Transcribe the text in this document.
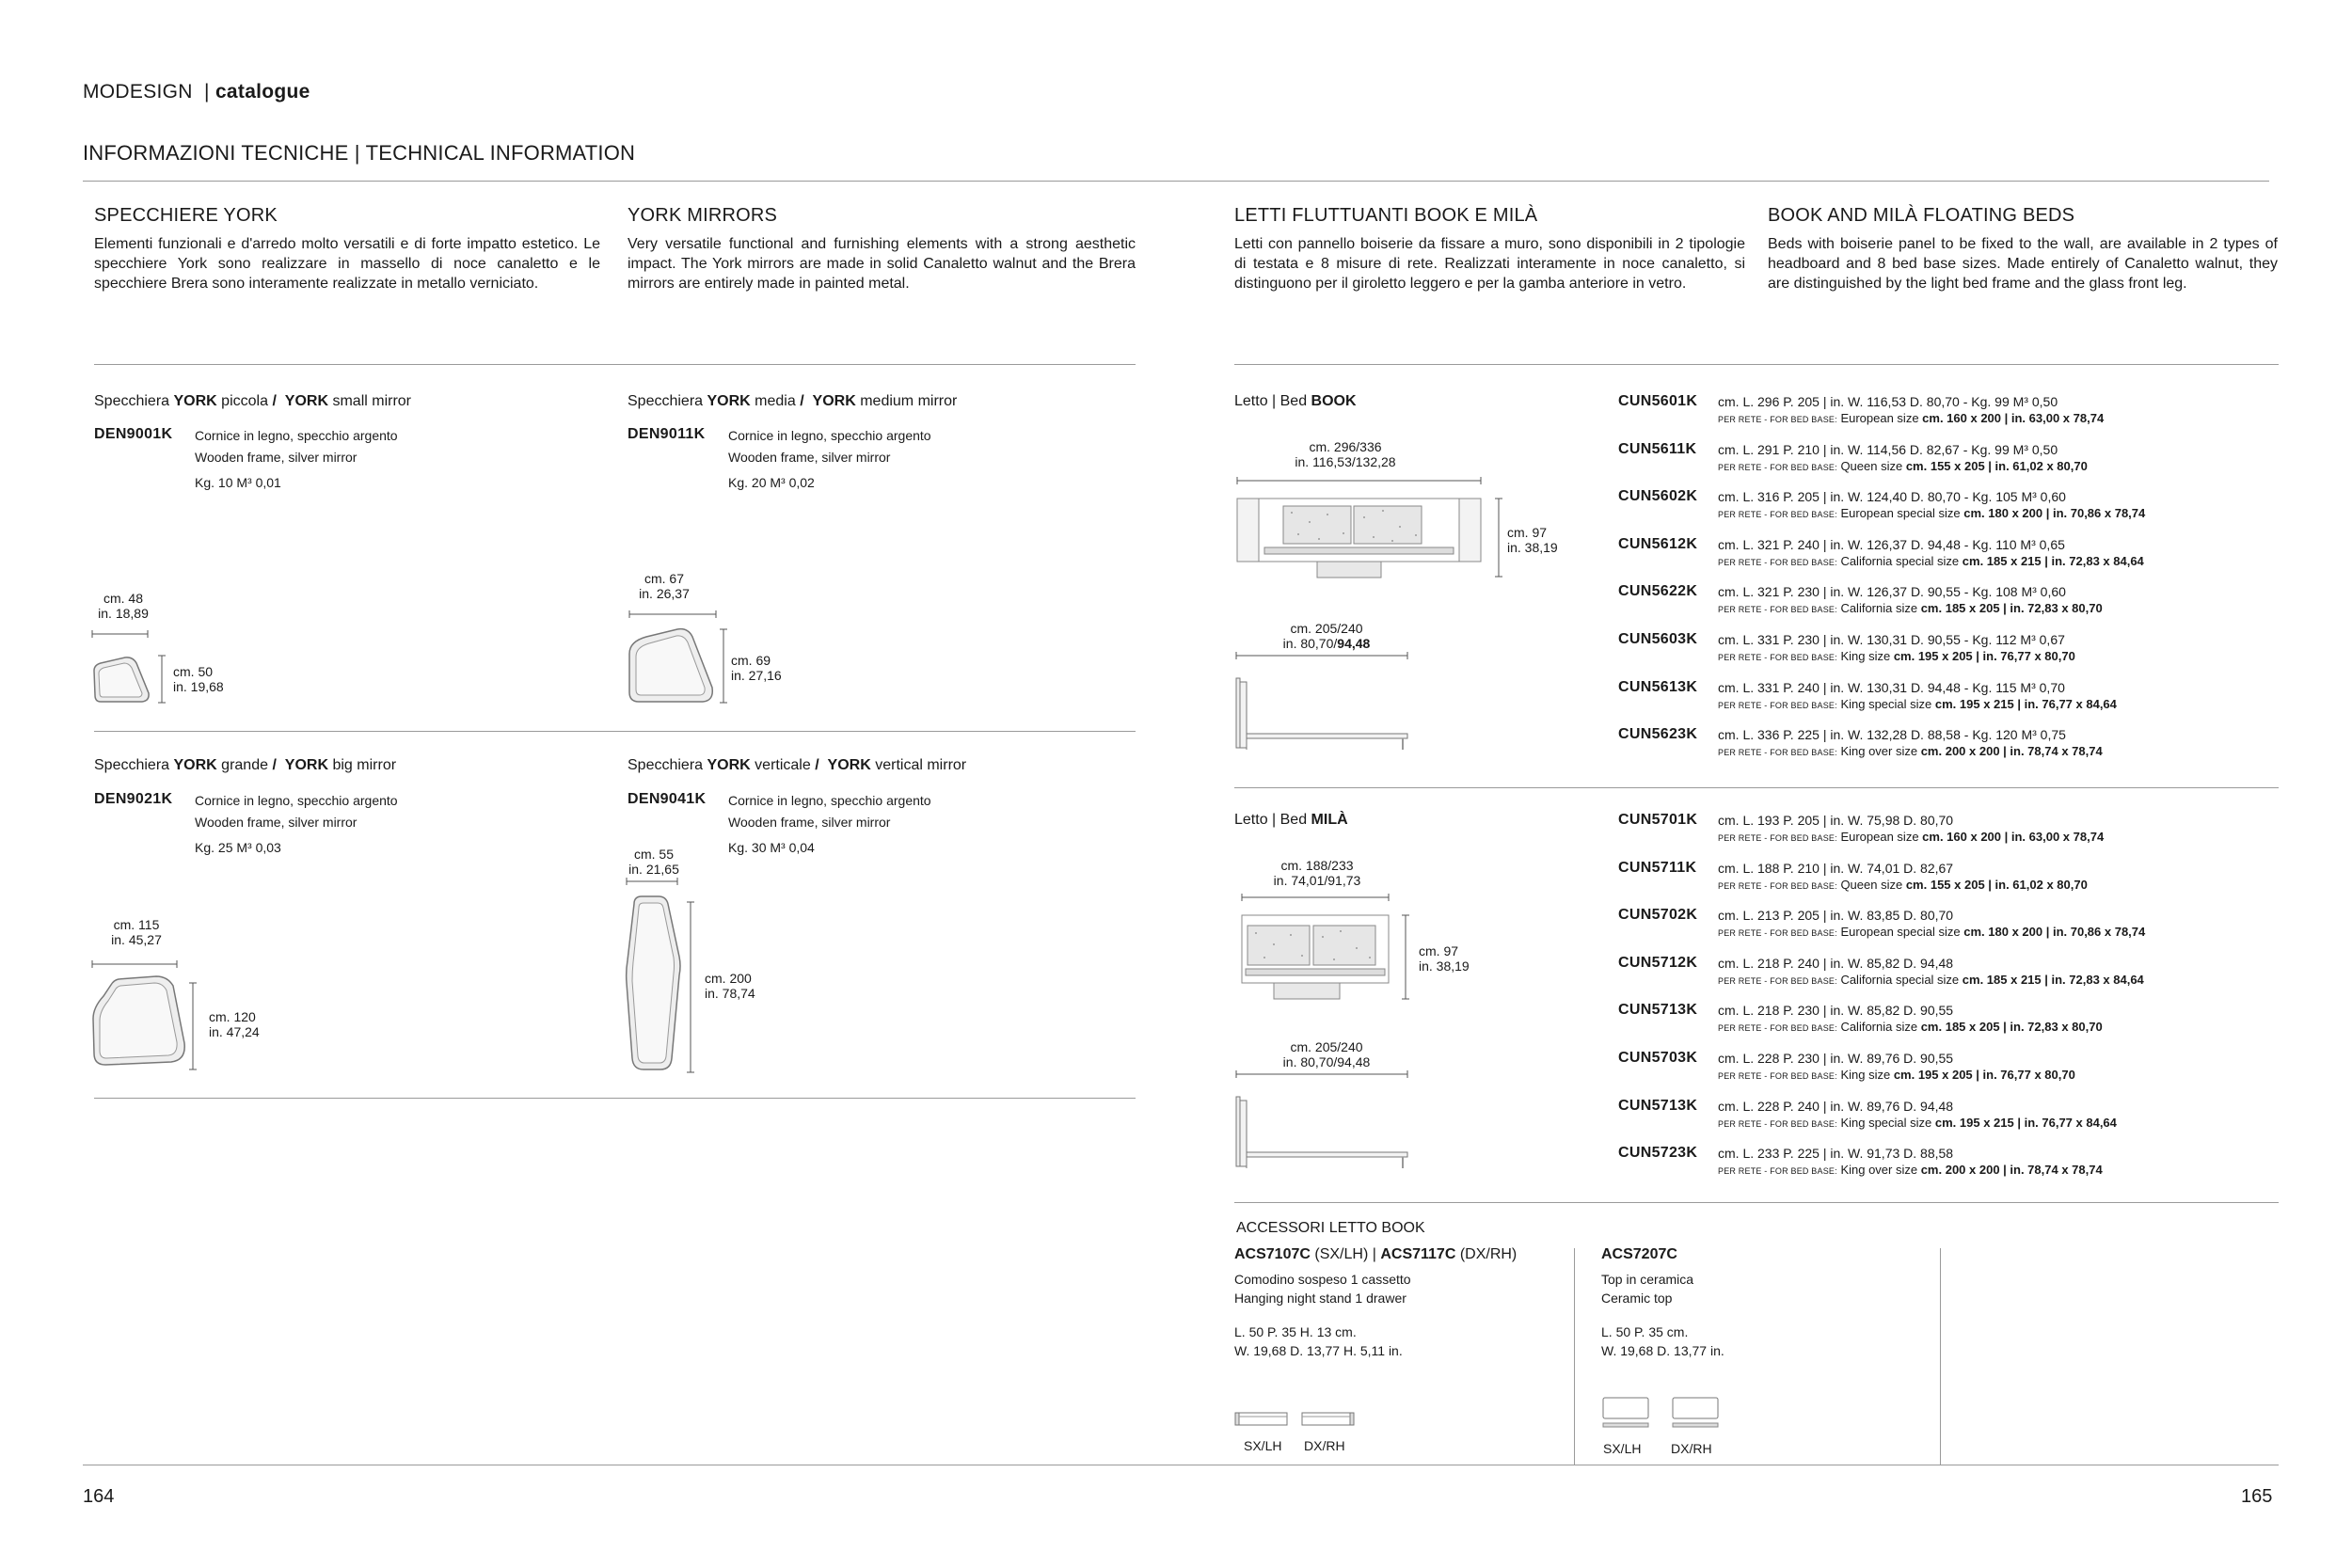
MODESIGN | catalogue
INFORMAZIONI TECNICHE | TECHNICAL INFORMATION
SPECCHIERE YORK
Elementi funzionali e d'arredo molto versatili e di forte impatto estetico. Le specchiere York sono realizzare in massello di noce canaletto e le specchiere Brera sono interamente realizzate in metallo verniciato.
YORK MIRRORS
Very versatile functional and furnishing elements with a strong aesthetic impact. The York mirrors are made in solid Canaletto walnut and the Brera mirrors are entirely made in painted metal.
LETTI FLUTTUANTI BOOK E MILÀ
Letti con pannello boiserie da fissare a muro, sono disponibili in 2 tipologie di testata e 8 misure di rete. Realizzati interamente in noce canaletto, si distinguono per il giroletto leggero e per la gamba anteriore in vetro.
BOOK AND MILÀ FLOATING BEDS
Beds with boiserie panel to be fixed to the wall, are available in 2 types of headboard and 8 bed base sizes. Made entirely of Canaletto walnut, they are distinguished by the light bed frame and the glass front leg.
Specchiera YORK piccola / YORK small mirror
DEN9001K Cornice in legno, specchio argento
Wooden frame, silver mirror
Kg. 10 M³ 0,01
cm. 48
in. 18,89
cm. 50
in. 19,68
Specchiera YORK media / YORK medium mirror
DEN9011K Cornice in legno, specchio argento
Wooden frame, silver mirror
Kg. 20 M³ 0,02
cm. 67
in. 26,37
cm. 69
in. 27,16
Specchiera YORK grande / YORK big mirror
DEN9021K Cornice in legno, specchio argento
Wooden frame, silver mirror
Kg. 25 M³ 0,03
cm. 115
in. 45,27
cm. 120
in. 47,24
Specchiera YORK verticale / YORK vertical mirror
DEN9041K Cornice in legno, specchio argento
Wooden frame, silver mirror
Kg. 30 M³ 0,04
cm. 55
in. 21,65
cm. 200
in. 78,74
Letto | Bed BOOK
cm. 296/336
in. 116,53/132,28
cm. 97
in. 38,19
cm. 205/240
in. 80,70/94,48
CUN5601K cm. L. 296 P. 205 | in. W. 116,53 D. 80,70 - Kg. 99 M³ 0,50
PER RETE - FOR BED BASE: European size cm. 160 x 200 | in. 63,00 x 78,74
CUN5611K cm. L. 291 P. 210 | in. W. 114,56 D. 82,67 - Kg. 99 M³ 0,50
PER RETE - FOR BED BASE: Queen size cm. 155 x 205 | in. 61,02 x 80,70
CUN5602K cm. L. 316 P. 205 | in. W. 124,40 D. 80,70 - Kg. 105 M³ 0,60
PER RETE - FOR BED BASE: European special size cm. 180 x 200 | in. 70,86 x 78,74
CUN5612K cm. L. 321 P. 240 | in. W. 126,37 D. 94,48 - Kg. 110 M³ 0,65
PER RETE - FOR BED BASE: California special size cm. 185 x 215 | in. 72,83 x 84,64
CUN5622K cm. L. 321 P. 230 | in. W. 126,37 D. 90,55 - Kg. 108 M³ 0,60
PER RETE - FOR BED BASE: California size cm. 185 x 205 | in. 72,83 x 80,70
CUN5603K cm. L. 331 P. 230 | in. W. 130,31 D. 90,55 - Kg. 112 M³ 0,67
PER RETE - FOR BED BASE: King size cm. 195 x 205 | in. 76,77 x 80,70
CUN5613K cm. L. 331 P. 240 | in. W. 130,31 D. 94,48 - Kg. 115 M³ 0,70
PER RETE - FOR BED BASE: King special size cm. 195 x 215 | in. 76,77 x 84,64
CUN5623K cm. L. 336 P. 225 | in. W. 132,28 D. 88,58 - Kg. 120 M³ 0,75
PER RETE - FOR BED BASE: King over size cm. 200 x 200 | in. 78,74 x 78,74
Letto | Bed MILÀ
cm. 188/233
in. 74,01/91,73
cm. 97
in. 38,19
cm. 205/240
in. 80,70/94,48
CUN5701K cm. L. 193 P. 205 | in. W. 75,98 D. 80,70
PER RETE - FOR BED BASE: European size cm. 160 x 200 | in. 63,00 x 78,74
CUN5711K cm. L. 188 P. 210 | in. W. 74,01 D. 82,67
PER RETE - FOR BED BASE: Queen size cm. 155 x 205 | in. 61,02 x 80,70
CUN5702K cm. L. 213 P. 205 | in. W. 83,85 D. 80,70
PER RETE - FOR BED BASE: European special size cm. 180 x 200 | in. 70,86 x 78,74
CUN5712K cm. L. 218 P. 240 | in. W. 85,82 D. 94,48
PER RETE - FOR BED BASE: California special size cm. 185 x 215 | in. 72,83 x 84,64
CUN5713K cm. L. 218 P. 230 | in. W. 85,82 D. 90,55
PER RETE - FOR BED BASE: California size cm. 185 x 205 | in. 72,83 x 80,70
CUN5703K cm. L. 228 P. 230 | in. W. 89,76 D. 90,55
PER RETE - FOR BED BASE: King size cm. 195 x 205 | in. 76,77 x 80,70
CUN5713K cm. L. 228 P. 240 | in. W. 89,76 D. 94,48
PER RETE - FOR BED BASE: King special size cm. 195 x 215 | in. 76,77 x 84,64
CUN5723K cm. L. 233 P. 225 | in. W. 91,73 D. 88,58
PER RETE - FOR BED BASE: King over size cm. 200 x 200 | in. 78,74 x 78,74
ACCESSORI LETTO BOOK
ACS7107C (SX/LH) | ACS7117C (DX/RH)
Comodino sospeso 1 cassetto
Hanging night stand 1 drawer
L. 50 P. 35 H. 13 cm.
W. 19,68 D. 13,77 H. 5,11 in.
ACS7207C
Top in ceramica
Ceramic top
L. 50 P. 35 cm.
W. 19,68 D. 13,77 in.
SX/LH DX/RH	SX/LH DX/RH
164	165
